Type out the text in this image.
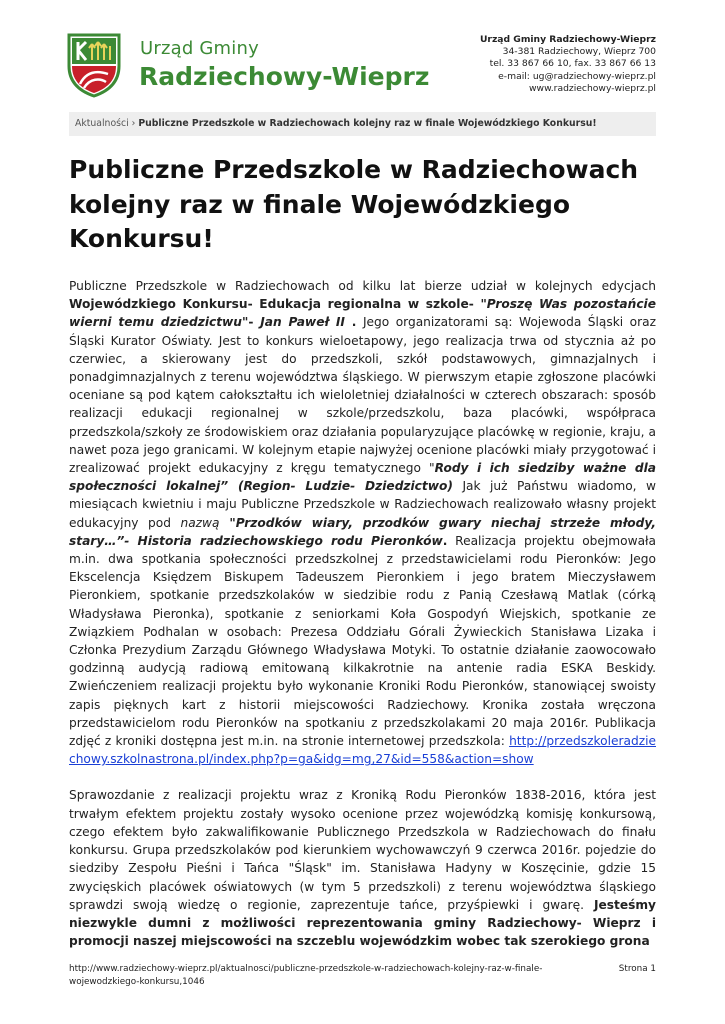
Urząd Gminy
Radziechowy-Wieprz
Urząd Gminy Radziechowy-Wieprz
34-381 Radziechowy, Wieprz 700
tel. 33 867 66 10, fax. 33 867 66 13
e-mail: ug@radziechowy-wieprz.pl
www.radziechowy-wieprz.pl
Aktualności › Publiczne Przedszkole w Radziechowach kolejny raz w finale Wojewódzkiego Konkursu!
Publiczne Przedszkole w Radziechowach kolejny raz w finale Wojewódzkiego Konkursu!

Publiczne Przedszkole w Radziechowach od kilku lat bierze udział w kolejnych edycjach Wojewódzkiego Konkursu- Edukacja regionalna w szkole- "Proszę Was pozostańcie wierni temu dziedzictwu"- Jan Paweł II . Jego organizatorami są: Wojewoda Śląski oraz Śląski Kurator Oświaty. Jest to konkurs wieloetapowy, jego realizacja trwa od stycznia aż po czerwiec, a skierowany jest do przedszkoli, szkół podstawowych, gimnazjalnych i ponadgimnazjalnych z terenu województwa śląskiego. W pierwszym etapie zgłoszone placówki oceniane są pod kątem całokształtu ich wieloletniej działalności w czterech obszarach: sposób realizacji edukacji regionalnej w szkole/przedszkolu, baza placówki, współpraca przedszkola/szkoły ze środowiskiem oraz działania popularyzujące placówkę w regionie, kraju, a nawet poza jego granicami. W kolejnym etapie najwyżej ocenione placówki miały przygotować i zrealizować projekt edukacyjny z kręgu tematycznego "Rody i ich siedziby ważne dla społeczności lokalnej” (Region- Ludzie- Dziedzictwo) Jak już Państwu wiadomo, w miesiącach kwietniu i maju Publiczne Przedszkole w Radziechowach realizowało własny projekt edukacyjny pod nazwą "Przodków wiary, przodków gwary niechaj strzeże młody, stary…”- Historia radziechowskiego rodu Pieronków. Realizacja projektu obejmowała m.in. dwa spotkania społeczności przedszkolnej z przedstawicielami rodu Pieronków: Jego Ekscelencja Księdzem Biskupem Tadeuszem Pieronkiem i jego bratem Mieczysławem Pieronkiem, spotkanie przedszkolaków w siedzibie rodu z Panią Czesławą Matlak (córką Władysława Pieronka), spotkanie z seniorkami Koła Gospodyń Wiejskich, spotkanie ze Związkiem Podhalan w osobach: Prezesa Oddziału Górali Żywieckich Stanisława Lizaka i Członka Prezydium Zarządu Głównego Władysława Motyki. To ostatnie działanie zaowocowało godzinną audycją radiową emitowaną kilkakrotnie na antenie radia ESKA Beskidy. Zwieńczeniem realizacji projektu było wykonanie Kroniki Rodu Pieronków, stanowiącej swoisty zapis pięknych kart z historii miejscowości Radziechowy. Kronika została wręczona przedstawicielom rodu Pieronków na spotkaniu z przedszkolakami 20 maja 2016r. Publikacja zdjęć z kroniki dostępna jest m.in. na stronie internetowej przedszkola: http://przedszkoleradziechowy.szkolnastrona.pl/index.php?p=ga&idg=mg,27&id=558&action=show

Sprawozdanie z realizacji projektu wraz z Kroniką Rodu Pieronków 1838-2016, która jest trwałym efektem projektu zostały wysoko ocenione przez wojewódzką komisję konkursową, czego efektem było zakwalifikowanie Publicznego Przedszkola w Radziechowach do finału konkursu. Grupa przedszkolaków pod kierunkiem wychowawczyń 9 czerwca 2016r. pojedzie do siedziby Zespołu Pieśni i Tańca "Śląsk" im. Stanisława Hadyny w Koszęcinie, gdzie 15 zwycięskich placówek oświatowych (w tym 5 przedszkoli) z terenu województwa śląskiego sprawdzi swoją wiedzę o regionie, zaprezentuje tańce, przyśpiewki i gwarę. Jesteśmy niezwykle dumni z możliwości reprezentowania gminy Radziechowy- Wieprz i promocji naszej miejscowości na szczeblu wojewódzkim wobec tak szerokiego grona

http://www.radziechowy-wieprz.pl/aktualnosci/publiczne-przedszkole-w-radziechowach-kolejny-raz-w-finale-wojewodzkiego-konkursu,1046
Strona 1
